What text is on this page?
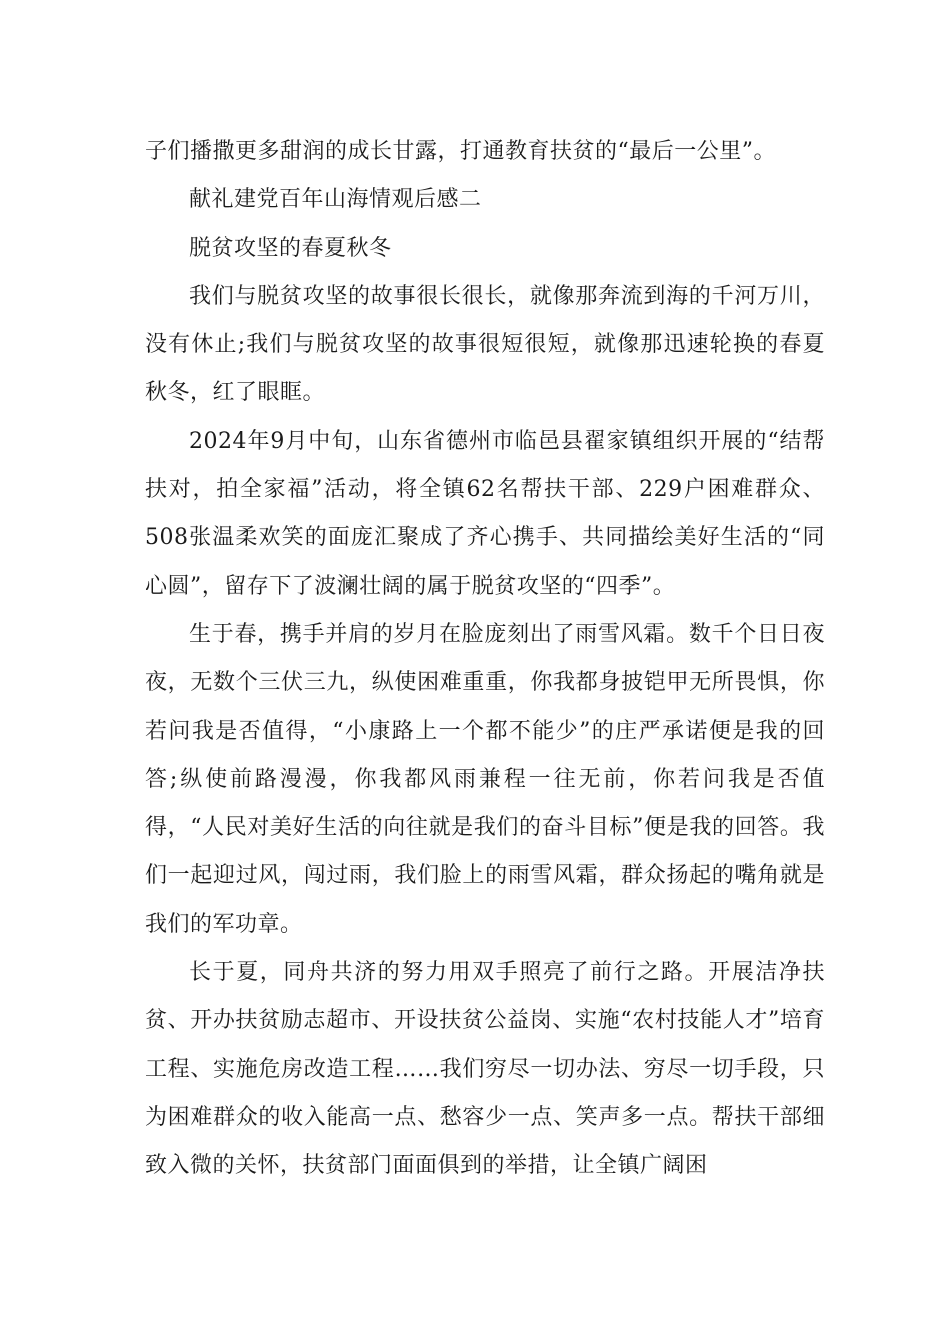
子们播撒更多甜润的成长甘露，打通教育扶贫的“最后一公里”。

献礼建党百年山海情观后感二

脱贫攻坚的春夏秋冬

我们与脱贫攻坚的故事很长很长，就像那奔流到海的千河万川，没有休止;我们与脱贫攻坚的故事很短很短，就像那迅速轮换的春夏秋冬，红了眼眶。

2024年9月中旬，山东省德州市临邑县翟家镇组织开展的“结帮扶对，拍全家福”活动，将全镇62名帮扶干部、229户困难群众、508张温柔欢笑的面庞汇聚成了齐心携手、共同描绘美好生活的“同心圆”，留存下了波澜壮阔的属于脱贫攻坚的“四季”。

生于春，携手并肩的岁月在脸庞刻出了雨雪风霜。数千个日日夜夜，无数个三伏三九，纵使困难重重，你我都身披铠甲无所畏惧，你若问我是否值得，“小康路上一个都不能少”的庄严承诺便是我的回答;纵使前路漫漫，你我都风雨兼程一往无前，你若问我是否值得，“人民对美好生活的向往就是我们的奋斗目标”便是我的回答。我们一起迎过风，闯过雨，我们脸上的雨雪风霜，群众扬起的嘴角就是我们的军功章。

长于夏，同舟共济的努力用双手照亮了前行之路。开展洁净扶贫、开办扶贫励志超市、开设扶贫公益岗、实施“农村技能人才”培育工程、实施危房改造工程……我们穷尽一切办法、穷尽一切手段，只为困难群众的收入能高一点、愁容少一点、笑声多一点。帮扶干部细致入微的关怀，扶贫部门面面俱到的举措，让全镇广阔困
